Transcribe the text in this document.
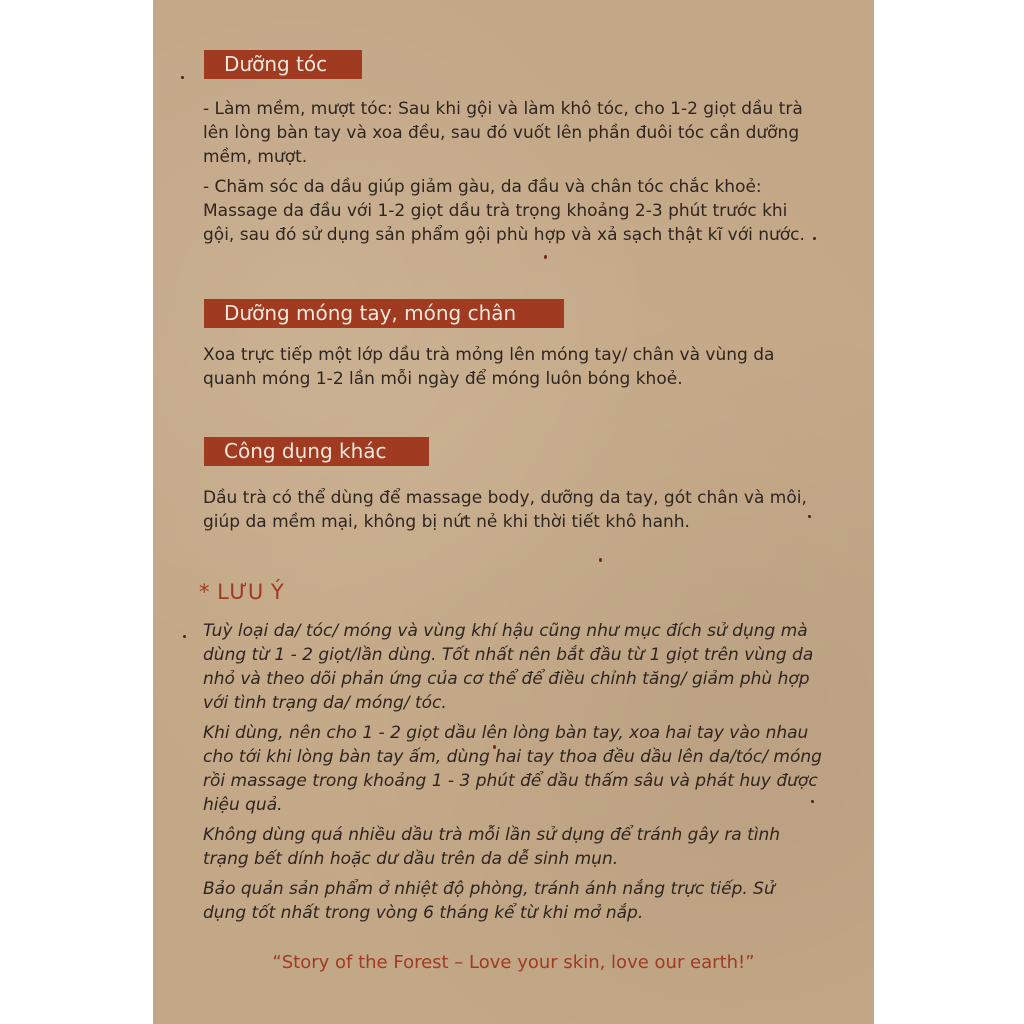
Dưỡng tóc

- Làm mềm, mượt tóc: Sau khi gội và làm khô tóc, cho 1-2 giọt dầu trà lên lòng bàn tay và xoa đều, sau đó vuốt lên phần đuôi tóc cần dưỡng mềm, mượt.

- Chăm sóc da dầu giúp giảm gàu, da đầu và chân tóc chắc khoẻ: Massage da đầu với 1-2 giọt dầu trà trọng khoảng 2-3 phút trước khi gội, sau đó sử dụng sản phẩm gội phù hợp và xả sạch thật kĩ với nước.

Dưỡng móng tay, móng chân

Xoa trực tiếp một lớp dầu trà mỏng lên móng tay/ chân và vùng da quanh móng 1-2 lần mỗi ngày để móng luôn bóng khoẻ.

Công dụng khác

Dầu trà có thể dùng để massage body, dưỡng da tay, gót chân và môi, giúp da mềm mại, không bị nứt nẻ khi thời tiết khô hanh.

* LƯU Ý

Tuỳ loại da/ tóc/ móng và vùng khí hậu cũng như mục đích sử dụng mà dùng từ 1 - 2 giọt/lần dùng. Tốt nhất nên bắt đầu từ 1 giọt trên vùng da nhỏ và theo dõi phản ứng của cơ thể để điều chỉnh tăng/ giảm phù hợp với tình trạng da/ móng/ tóc.

Khi dùng, nên cho 1 - 2 giọt dầu lên lòng bàn tay, xoa hai tay vào nhau cho tới khi lòng bàn tay ấm, dùng hai tay thoa đều dầu lên da/tóc/ móng rồi massage trong khoảng 1 - 3 phút để dầu thấm sâu và phát huy được hiệu quả.

Không dùng quá nhiều dầu trà mỗi lần sử dụng để tránh gây ra tình trạng bết dính hoặc dư dầu trên da dễ sinh mụn.

Bảo quản sản phẩm ở nhiệt độ phòng, tránh ánh nắng trực tiếp. Sử dụng tốt nhất trong vòng 6 tháng kể từ khi mở nắp.

“Story of the Forest – Love your skin, love our earth!”
